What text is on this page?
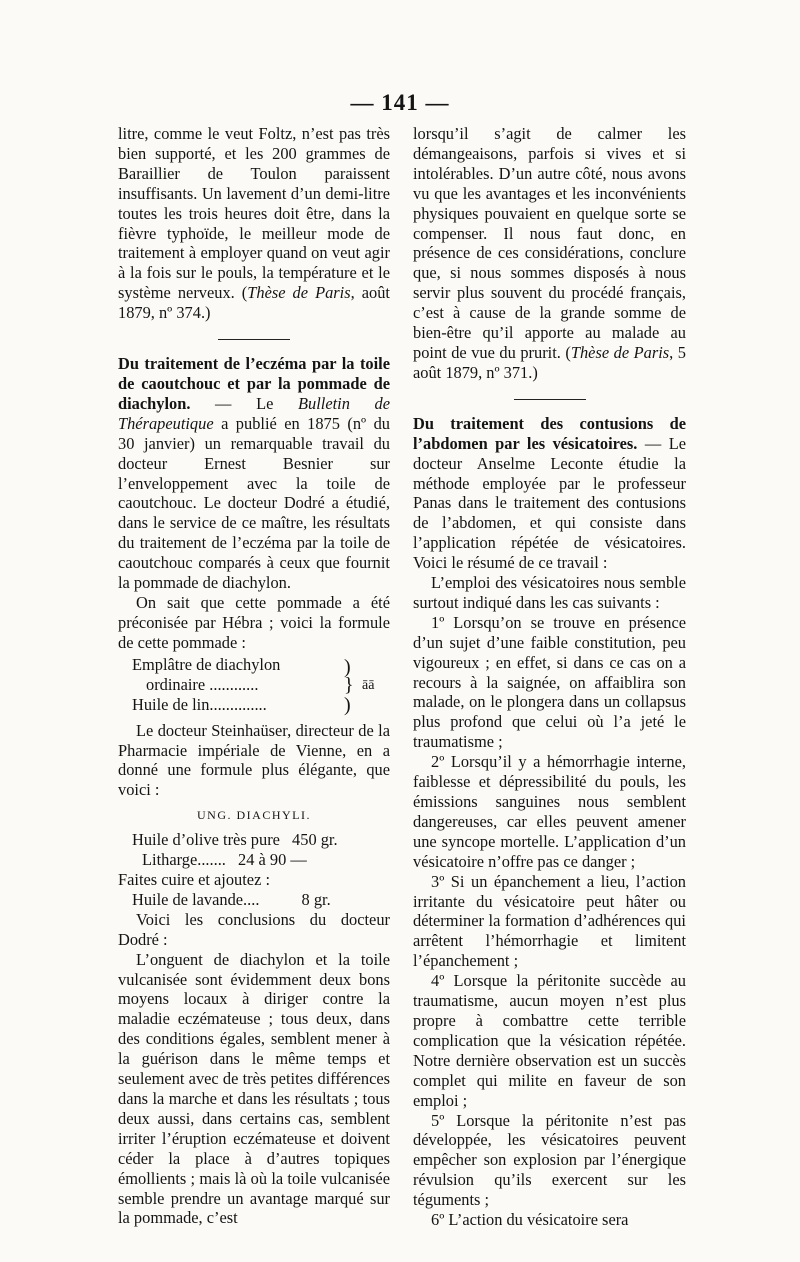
— 141 —

litre, comme le veut Foltz, n’est pas très bien supporté, et les 200 grammes de Baraillier de Toulon paraissent insuffisants. Un lavement d’un demi-litre toutes les trois heures doit être, dans la fièvre typhoïde, le meilleur mode de traitement à employer quand on veut agir à la fois sur le pouls, la température et le système nerveux. (Thèse de Paris, août 1879, nº 374.)

Du traitement de l’eczéma par la toile de caoutchouc et par la pommade de diachylon. — Le Bulletin de Thérapeutique a publié en 1875 (nº du 30 janvier) un remarquable travail du docteur Ernest Besnier sur l’enveloppement avec la toile de caoutchouc. Le docteur Dodré a étudié, dans le service de ce maître, les résultats du traitement de l’eczéma par la toile de caoutchouc comparés à ceux que fournit la pommade de diachylon.

On sait que cette pommade a été préconisée par Hébra ; voici la formule de cette pommade :

Emplâtre de diachylon
ordinaire ............
Huile de lin..............
)
}
)
āā

Le docteur Steinhaüser, directeur de la Pharmacie impériale de Vienne, en a donné une formule plus élégante, que voici :

UNG. DIACHYLI.
Huile d’olive très pure 450 gr.
Litharge....... 24 à 90 —
Faites cuire et ajoutez :
Huile de lavande.... 8 gr.

Voici les conclusions du docteur Dodré :

L’onguent de diachylon et la toile vulcanisée sont évidemment deux bons moyens locaux à diriger contre la maladie eczémateuse ; tous deux, dans des conditions égales, semblent mener à la guérison dans le même temps et seulement avec de très petites différences dans la marche et dans les résultats ; tous deux aussi, dans certains cas, semblent irriter l’éruption eczémateuse et doivent céder la place à d’autres topiques émollients ; mais là où la toile vulcanisée semble prendre un avantage marqué sur la pommade, c’est

lorsqu’il s’agit de calmer les démangeaisons, parfois si vives et si intolérables. D’un autre côté, nous avons vu que les avantages et les inconvénients physiques pouvaient en quelque sorte se compenser. Il nous faut donc, en présence de ces considérations, conclure que, si nous sommes disposés à nous servir plus souvent du procédé français, c’est à cause de la grande somme de bien-être qu’il apporte au malade au point de vue du prurit. (Thèse de Paris, 5 août 1879, nº 371.)

Du traitement des contusions de l’abdomen par les vésicatoires. — Le docteur Anselme Leconte étudie la méthode employée par le professeur Panas dans le traitement des contusions de l’abdomen, et qui consiste dans l’application répétée de vésicatoires. Voici le résumé de ce travail :

L’emploi des vésicatoires nous semble surtout indiqué dans les cas suivants :

1º Lorsqu’on se trouve en présence d’un sujet d’une faible constitution, peu vigoureux ; en effet, si dans ce cas on a recours à la saignée, on affaiblira son malade, on le plongera dans un collapsus plus profond que celui où l’a jeté le traumatisme ;

2º Lorsqu’il y a hémorrhagie interne, faiblesse et dépressibilité du pouls, les émissions sanguines nous semblent dangereuses, car elles peuvent amener une syncope mortelle. L’application d’un vésicatoire n’offre pas ce danger ;

3º Si un épanchement a lieu, l’action irritante du vésicatoire peut hâter ou déterminer la formation d’adhérences qui arrêtent l’hémorrhagie et limitent l’épanchement ;

4º Lorsque la péritonite succède au traumatisme, aucun moyen n’est plus propre à combattre cette terrible complication que la vésication répétée. Notre dernière observation est un succès complet qui milite en faveur de son emploi ;

5º Lorsque la péritonite n’est pas développée, les vésicatoires peuvent empêcher son explosion par l’énergique révulsion qu’ils exercent sur les téguments ;

6º L’action du vésicatoire sera
